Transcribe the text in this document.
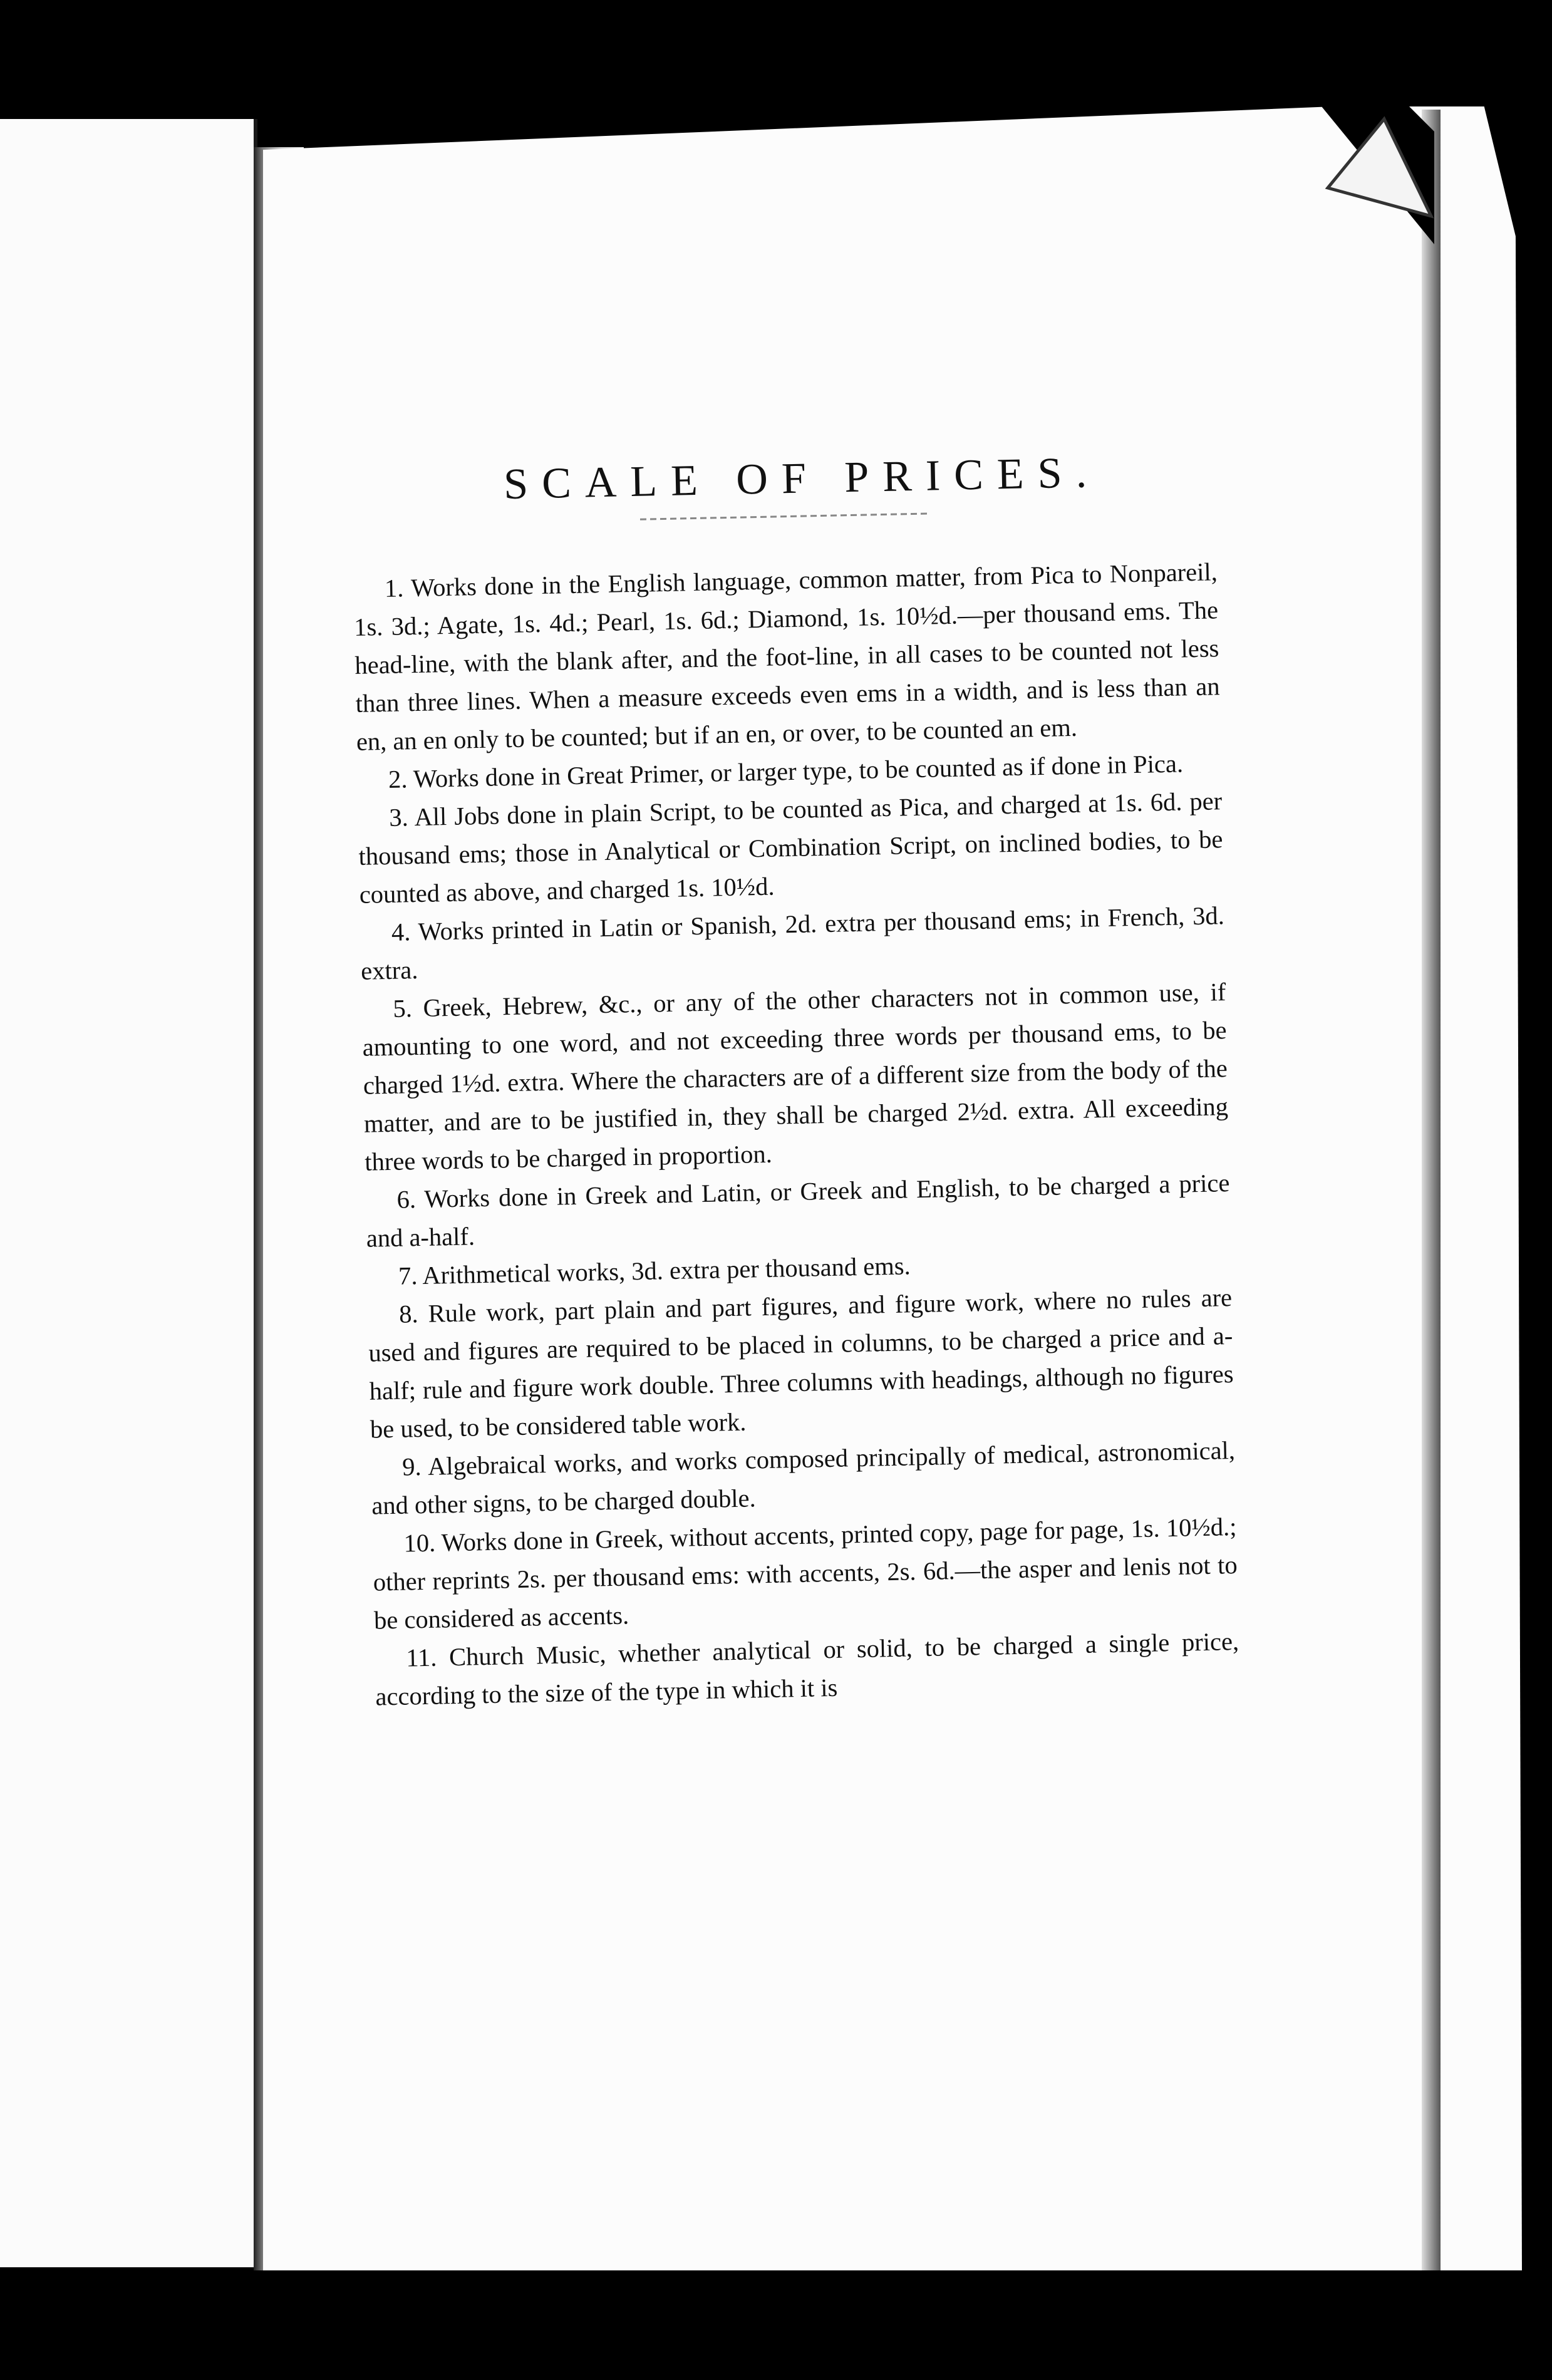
SCALE OF PRICES.

1. Works done in the English language, common matter, from Pica to Nonpareil, 1s. 3d.; Agate, 1s. 4d.; Pearl, 1s. 6d.; Diamond, 1s. 10½d.—per thousand ems. The head-line, with the blank after, and the foot-line, in all cases to be counted not less than three lines. When a measure exceeds even ems in a width, and is less than an en, an en only to be counted; but if an en, or over, to be counted an em.

2. Works done in Great Primer, or larger type, to be counted as if done in Pica.

3. All Jobs done in plain Script, to be counted as Pica, and charged at 1s. 6d. per thousand ems; those in Analytical or Combination Script, on inclined bodies, to be counted as above, and charged 1s. 10½d.

4. Works printed in Latin or Spanish, 2d. extra per thousand ems; in French, 3d. extra.

5. Greek, Hebrew, &c., or any of the other characters not in common use, if amounting to one word, and not exceeding three words per thousand ems, to be charged 1½d. extra. Where the characters are of a different size from the body of the matter, and are to be justified in, they shall be charged 2½d. extra. All exceeding three words to be charged in proportion.

6. Works done in Greek and Latin, or Greek and English, to be charged a price and a-half.

7. Arithmetical works, 3d. extra per thousand ems.

8. Rule work, part plain and part figures, and figure work, where no rules are used and figures are required to be placed in columns, to be charged a price and a-half; rule and figure work double. Three columns with headings, although no figures be used, to be considered table work.

9. Algebraical works, and works composed principally of medical, astronomical, and other signs, to be charged double.

10. Works done in Greek, without accents, printed copy, page for page, 1s. 10½d.; other reprints 2s. per thousand ems: with accents, 2s. 6d.—the asper and lenis not to be considered as accents.

11. Church Music, whether analytical or solid, to be charged a single price, according to the size of the type in which it is
